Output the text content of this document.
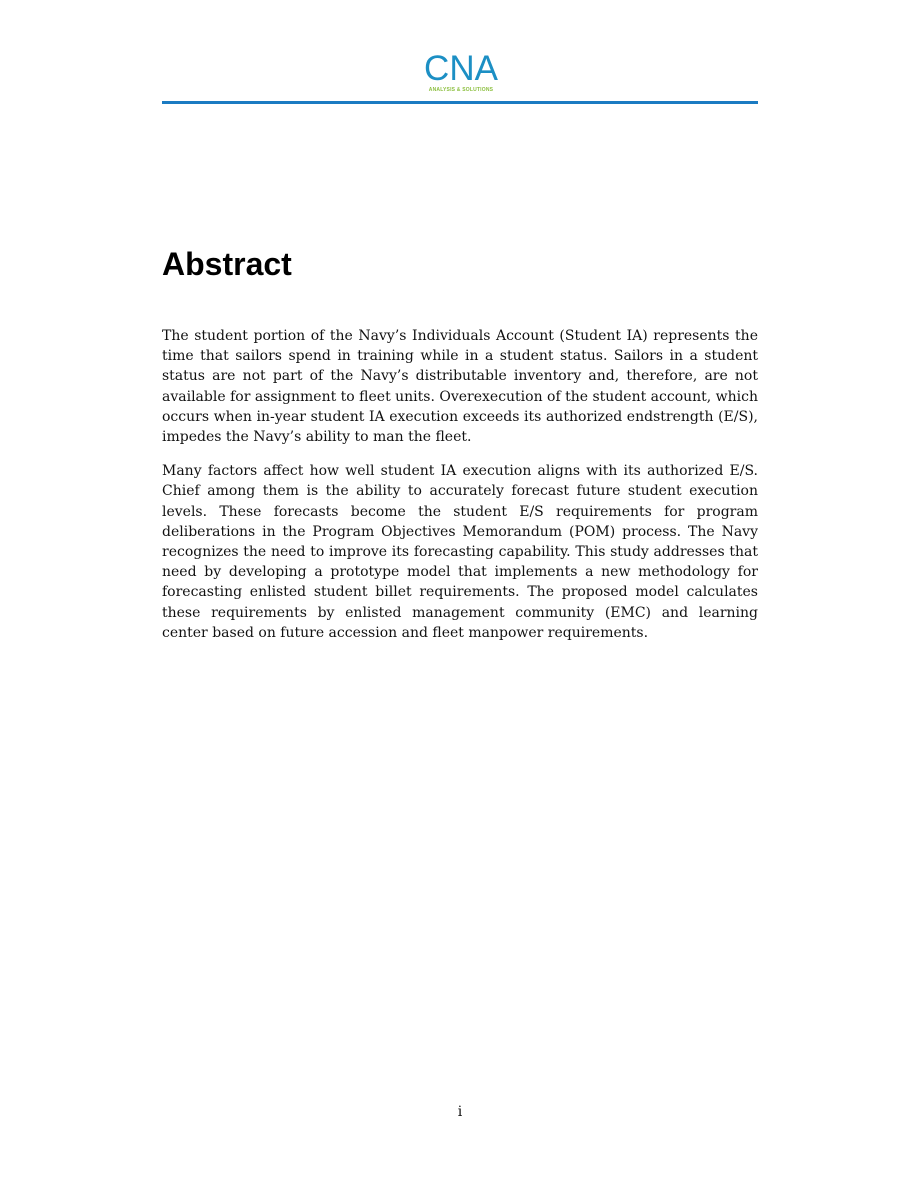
CNA
ANALYSIS & SOLUTIONS
Abstract

The student portion of the Navy’s Individuals Account (Student IA) represents the time that sailors spend in training while in a student status. Sailors in a student status are not part of the Navy’s distributable inventory and, therefore, are not available for assignment to fleet units. Overexecution of the student account, which occurs when in-year student IA execution exceeds its authorized endstrength (E/S), impedes the Navy’s ability to man the fleet.

Many factors affect how well student IA execution aligns with its authorized E/S. Chief among them is the ability to accurately forecast future student execution levels. These forecasts become the student E/S requirements for program deliberations in the Program Objectives Memorandum (POM) process. The Navy recognizes the need to improve its forecasting capability. This study addresses that need by developing a prototype model that implements a new methodology for forecasting enlisted student billet requirements. The proposed model calculates these requirements by enlisted management community (EMC) and learning center based on future accession and fleet manpower requirements.

i
